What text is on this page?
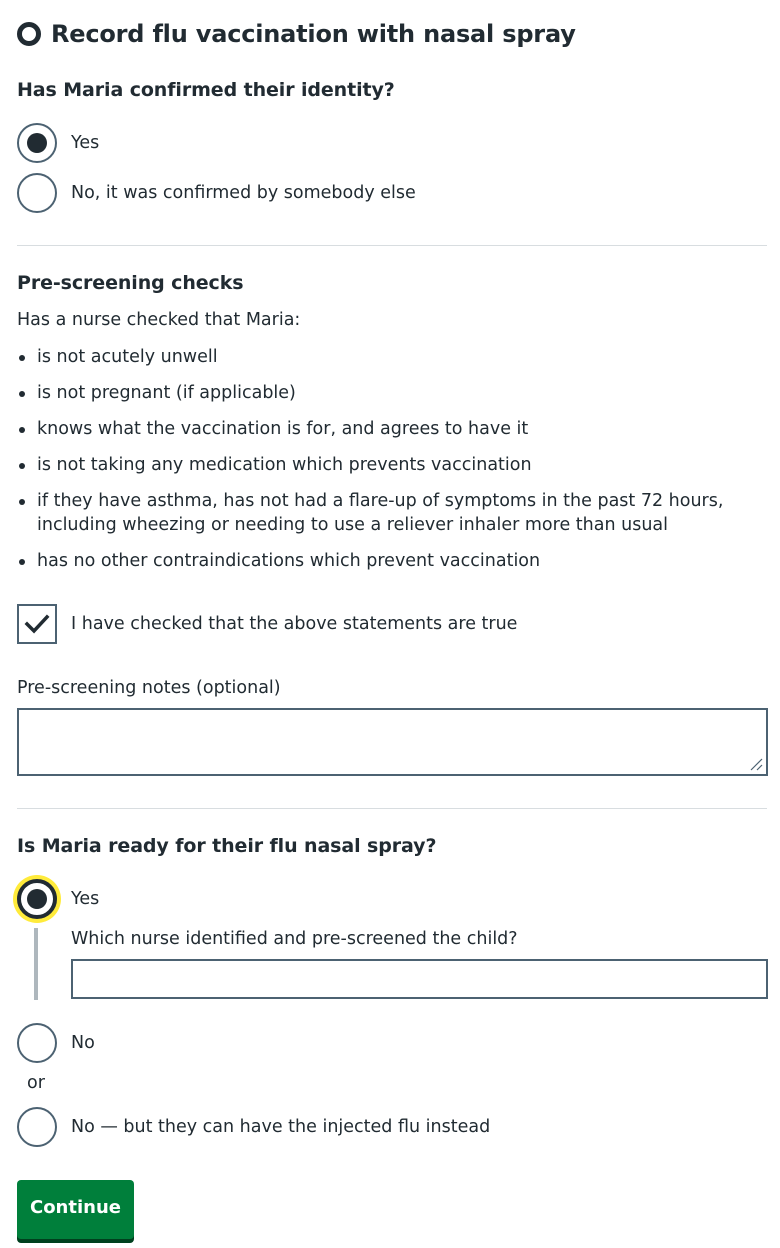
Record flu vaccination with nasal spray
Has Maria confirmed their identity?
Yes
No, it was confirmed by somebody else
Pre-screening checks
Has a nurse checked that Maria:
is not acutely unwell
is not pregnant (if applicable)
knows what the vaccination is for, and agrees to have it
is not taking any medication which prevents vaccination
if they have asthma, has not had a flare-up of symptoms in the past 72 hours, including wheezing or needing to use a reliever inhaler more than usual
has no other contraindications which prevent vaccination
I have checked that the above statements are true
Pre-screening notes (optional)
Is Maria ready for their flu nasal spray?
Yes
Which nurse identified and pre-screened the child?
No
or
No — but they can have the injected flu instead
Continue
